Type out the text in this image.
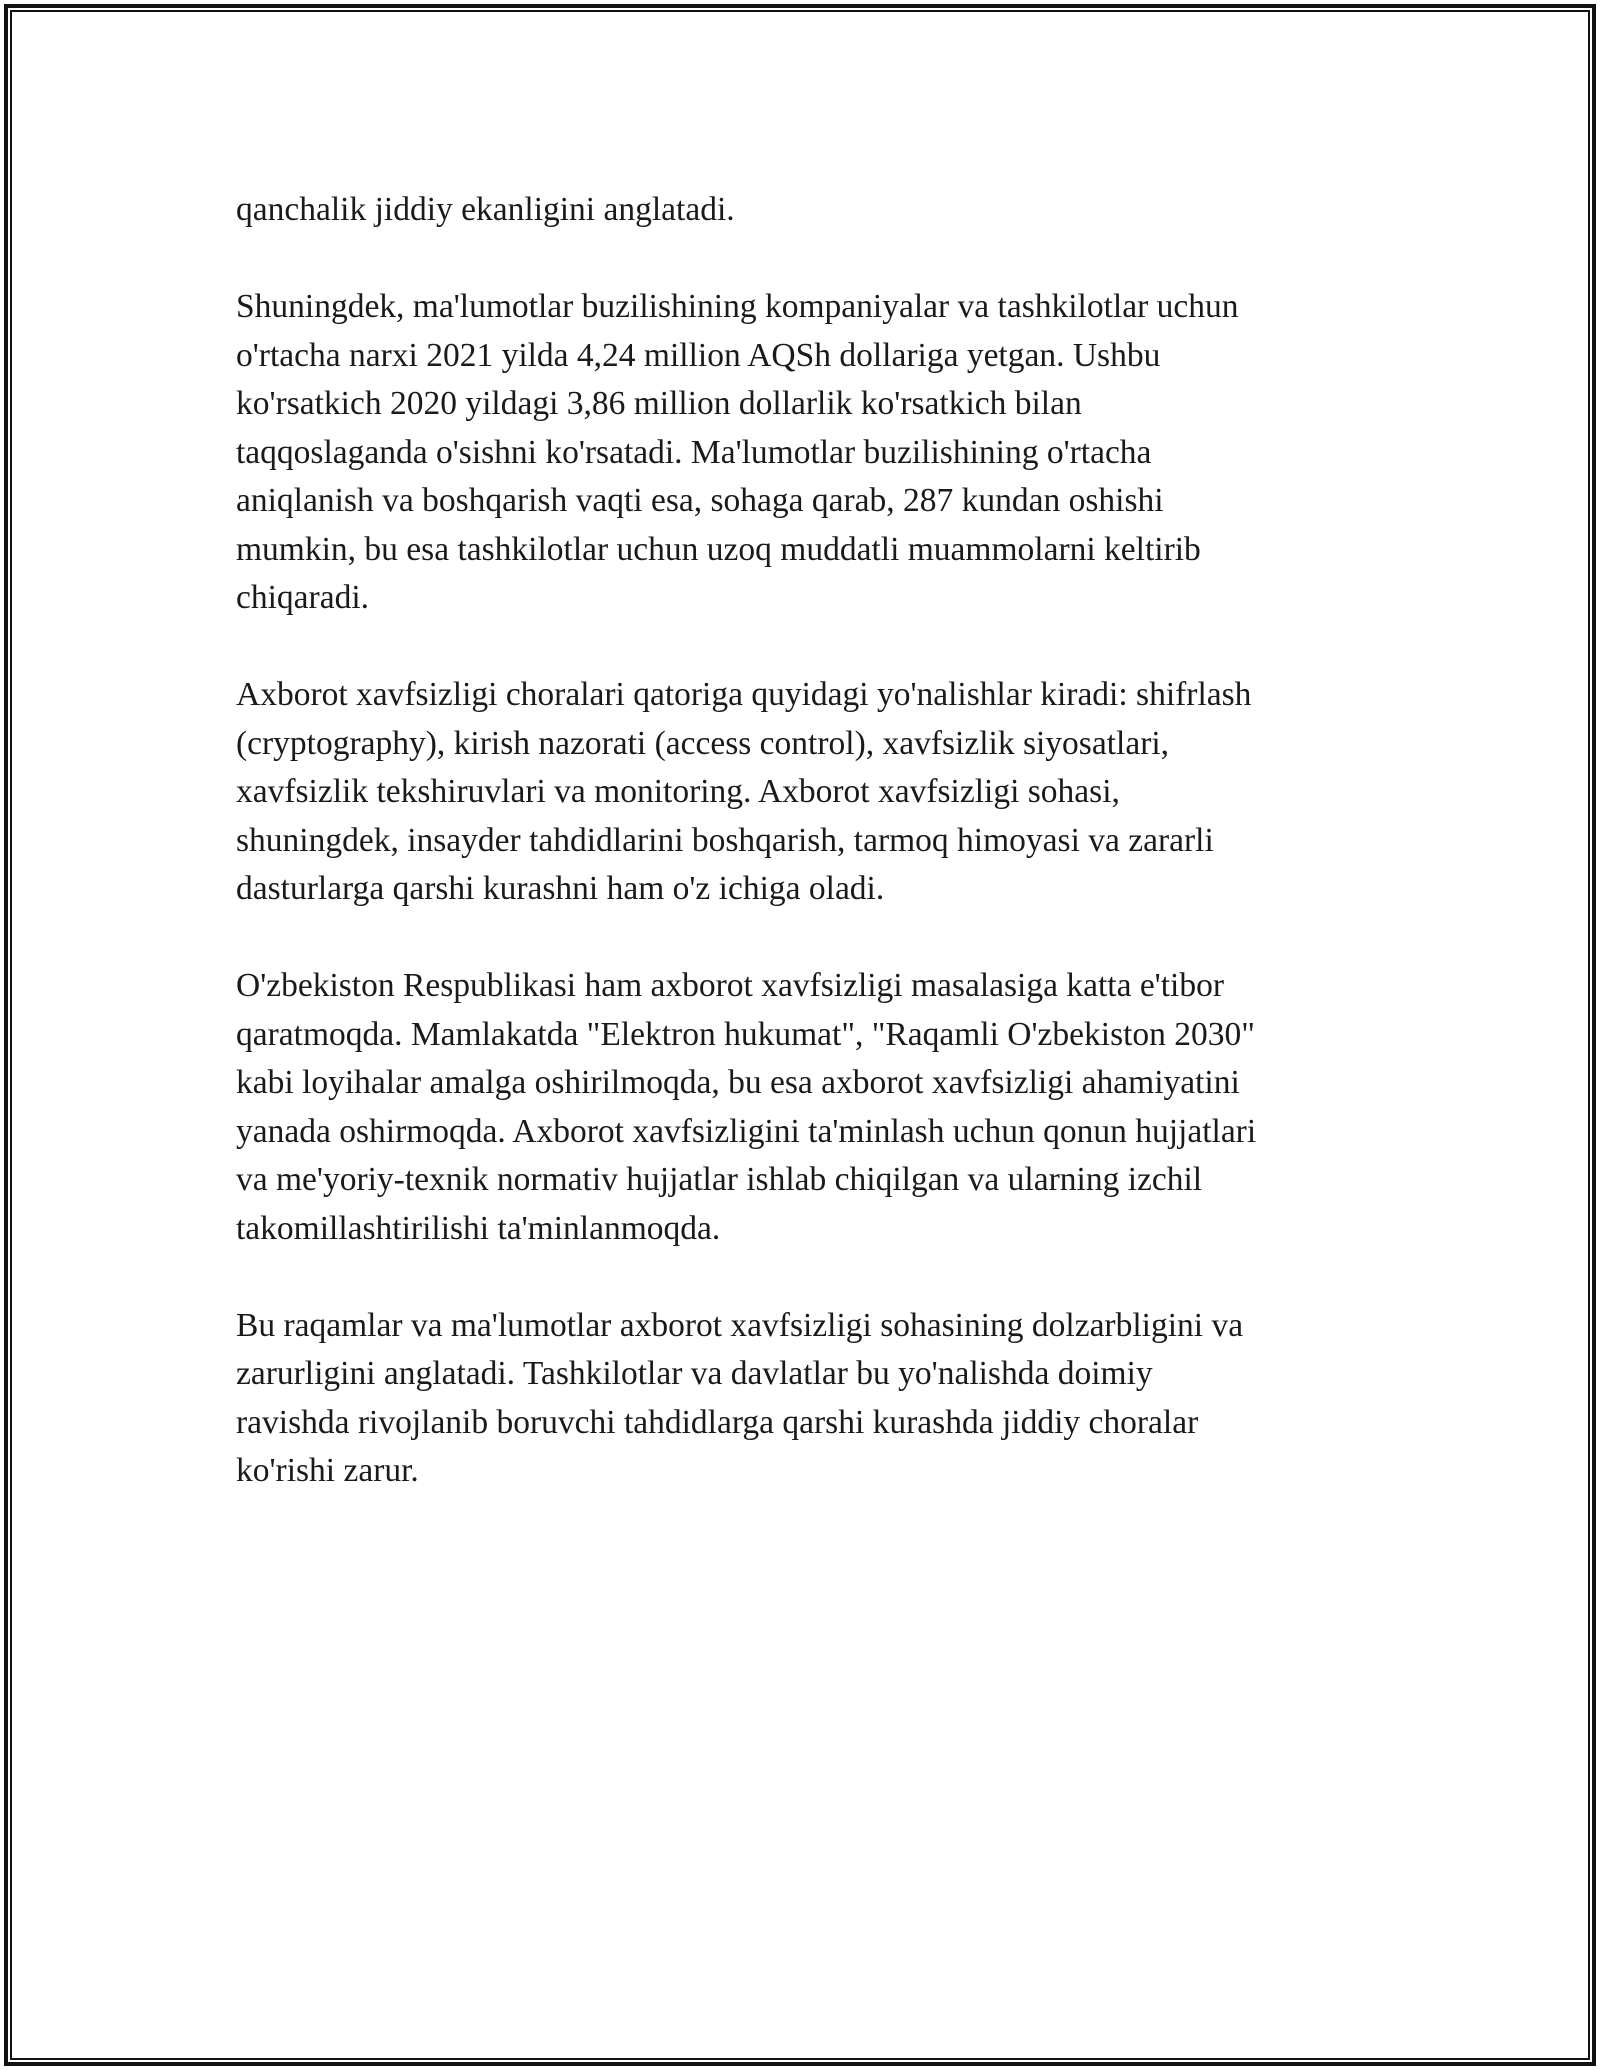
qanchalik jiddiy ekanligini anglatadi.

Shuningdek, ma'lumotlar buzilishining kompaniyalar va tashkilotlar uchun
o'rtacha narxi 2021 yilda 4,24 million AQSh dollariga yetgan. Ushbu
ko'rsatkich 2020 yildagi 3,86 million dollarlik ko'rsatkich bilan
taqqoslaganda o'sishni ko'rsatadi. Ma'lumotlar buzilishining o'rtacha
aniqlanish va boshqarish vaqti esa, sohaga qarab, 287 kundan oshishi
mumkin, bu esa tashkilotlar uchun uzoq muddatli muammolarni keltirib
chiqaradi.

Axborot xavfsizligi choralari qatoriga quyidagi yo'nalishlar kiradi: shifrlash
(cryptography), kirish nazorati (access control), xavfsizlik siyosatlari,
xavfsizlik tekshiruvlari va monitoring. Axborot xavfsizligi sohasi,
shuningdek, insayder tahdidlarini boshqarish, tarmoq himoyasi va zararli
dasturlarga qarshi kurashni ham o'z ichiga oladi.

O'zbekiston Respublikasi ham axborot xavfsizligi masalasiga katta e'tibor
qaratmoqda. Mamlakatda "Elektron hukumat", "Raqamli O'zbekiston 2030"
kabi loyihalar amalga oshirilmoqda, bu esa axborot xavfsizligi ahamiyatini
yanada oshirmoqda. Axborot xavfsizligini ta'minlash uchun qonun hujjatlari
va me'yoriy-texnik normativ hujjatlar ishlab chiqilgan va ularning izchil
takomillashtirilishi ta'minlanmoqda.

Bu raqamlar va ma'lumotlar axborot xavfsizligi sohasining dolzarbligini va
zarurligini anglatadi. Tashkilotlar va davlatlar bu yo'nalishda doimiy
ravishda rivojlanib boruvchi tahdidlarga qarshi kurashda jiddiy choralar
ko'rishi zarur.
